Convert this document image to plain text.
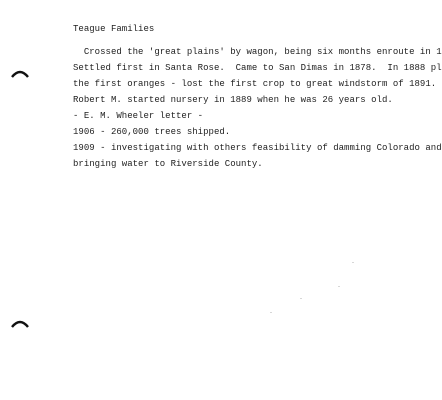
Teague Families
Crossed the 'great plains' by wagon, being six months enroute in 1
Settled first in Santa Rose.  Came to San Dimas in 1878.  In 1888 pl
the first oranges - lost the first crop to great windstorm of 1891.
Robert M. started nursery in 1889 when he was 26 years old.
- E. M. Wheeler letter -
1906 - 260,000 trees shipped.
1909 - investigating with others feasibility of damming Colorado and
bringing water to Riverside County.
